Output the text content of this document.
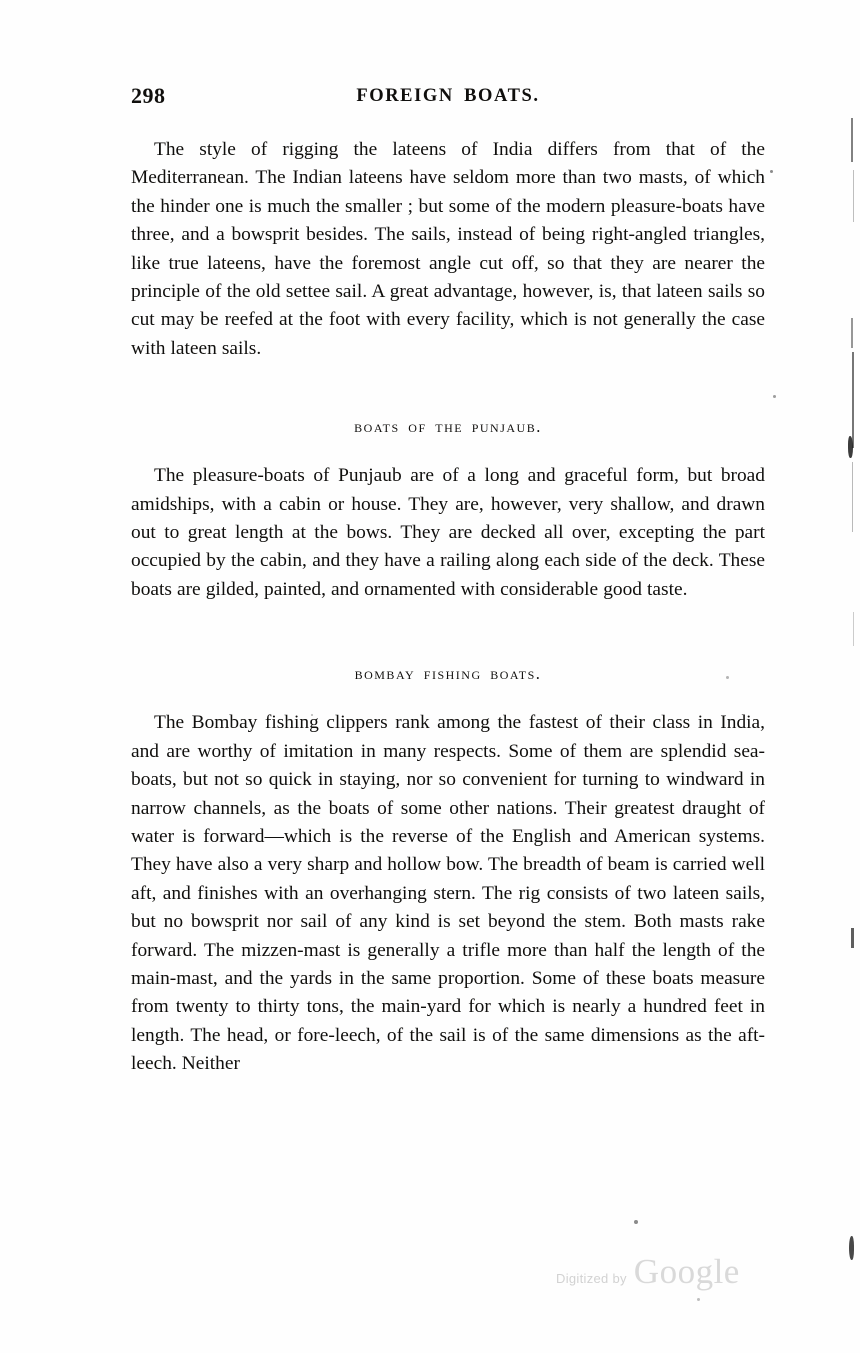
298	FOREIGN BOATS.

The style of rigging the lateens of India differs from that of the Mediterranean. The Indian lateens have seldom more than two masts, of which the hinder one is much the smaller ; but some of the modern pleasure-boats have three, and a bowsprit besides. The sails, instead of being right-angled triangles, like true lateens, have the foremost angle cut off, so that they are nearer the principle of the old settee sail. A great advantage, however, is, that lateen sails so cut may be reefed at the foot with every facility, which is not generally the case with lateen sails.

boats of the punjaub.

The pleasure-boats of Punjaub are of a long and graceful form, but broad amidships, with a cabin or house. They are, however, very shallow, and drawn out to great length at the bows. They are decked all over, excepting the part occupied by the cabin, and they have a railing along each side of the deck. These boats are gilded, painted, and ornamented with considerable good taste.

bombay fishing boats.

The Bombay fishing clippers rank among the fastest of their class in India, and are worthy of imitation in many respects. Some of them are splendid sea-boats, but not so quick in staying, nor so convenient for turning to windward in narrow channels, as the boats of some other nations. Their greatest draught of water is forward—which is the reverse of the English and American systems. They have also a very sharp and hollow bow. The breadth of beam is carried well aft, and finishes with an overhanging stern. The rig consists of two lateen sails, but no bowsprit nor sail of any kind is set beyond the stem. Both masts rake forward. The mizzen-mast is generally a trifle more than half the length of the main-mast, and the yards in the same proportion. Some of these boats measure from twenty to thirty tons, the main-yard for which is nearly a hundred feet in length. The head, or fore-leech, of the sail is of the same dimensions as the aft-leech. Neither

Digitized by Google
